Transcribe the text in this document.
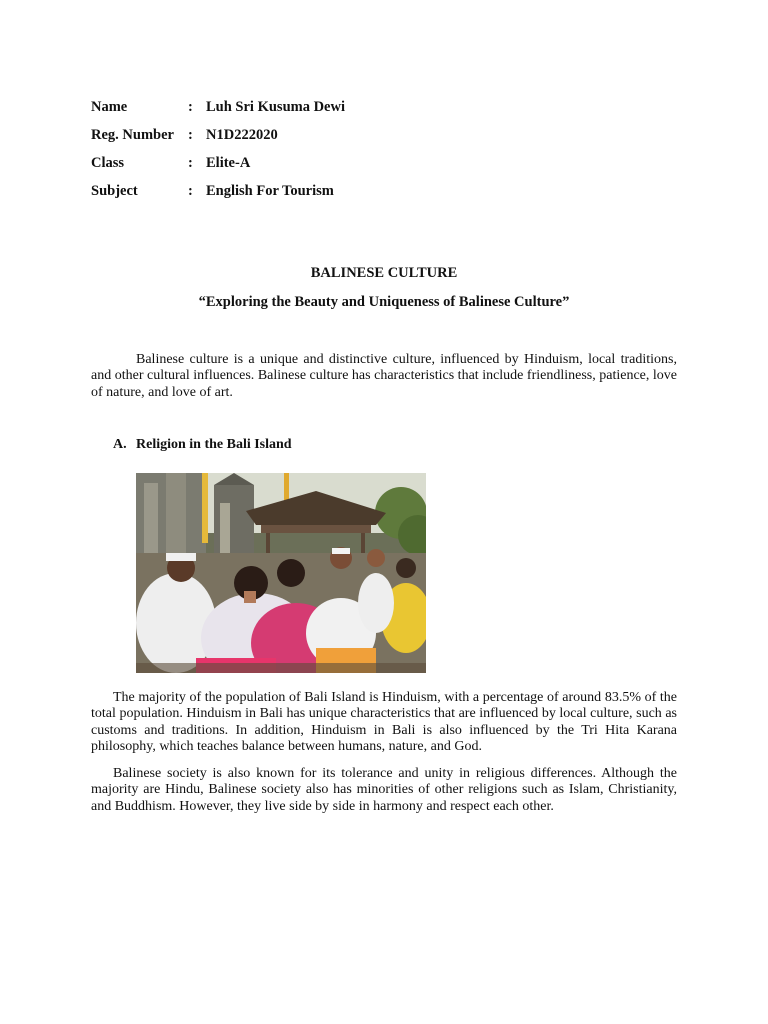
Name	: Luh Sri Kusuma Dewi
Reg. Number : N1D222020
Class	: Elite-A
Subject	: English For Tourism
BALINESE CULTURE
“Exploring the Beauty and Uniqueness of Balinese Culture”

Balinese culture is a unique and distinctive culture, influenced by Hinduism, local traditions, and other cultural influences. Balinese culture has characteristics that include friendliness, patience, love of nature, and love of art.

A. Religion in the Bali Island

The majority of the population of Bali Island is Hinduism, with a percentage of around 83.5% of the total population. Hinduism in Bali has unique characteristics that are influenced by local culture, such as customs and traditions. In addition, Hinduism in Bali is also influenced by the Tri Hita Karana philosophy, which teaches balance between humans, nature, and God.

Balinese society is also known for its tolerance and unity in religious differences. Although the majority are Hindu, Balinese society also has minorities of other religions such as Islam, Christianity, and Buddhism. However, they live side by side in harmony and respect each other.
